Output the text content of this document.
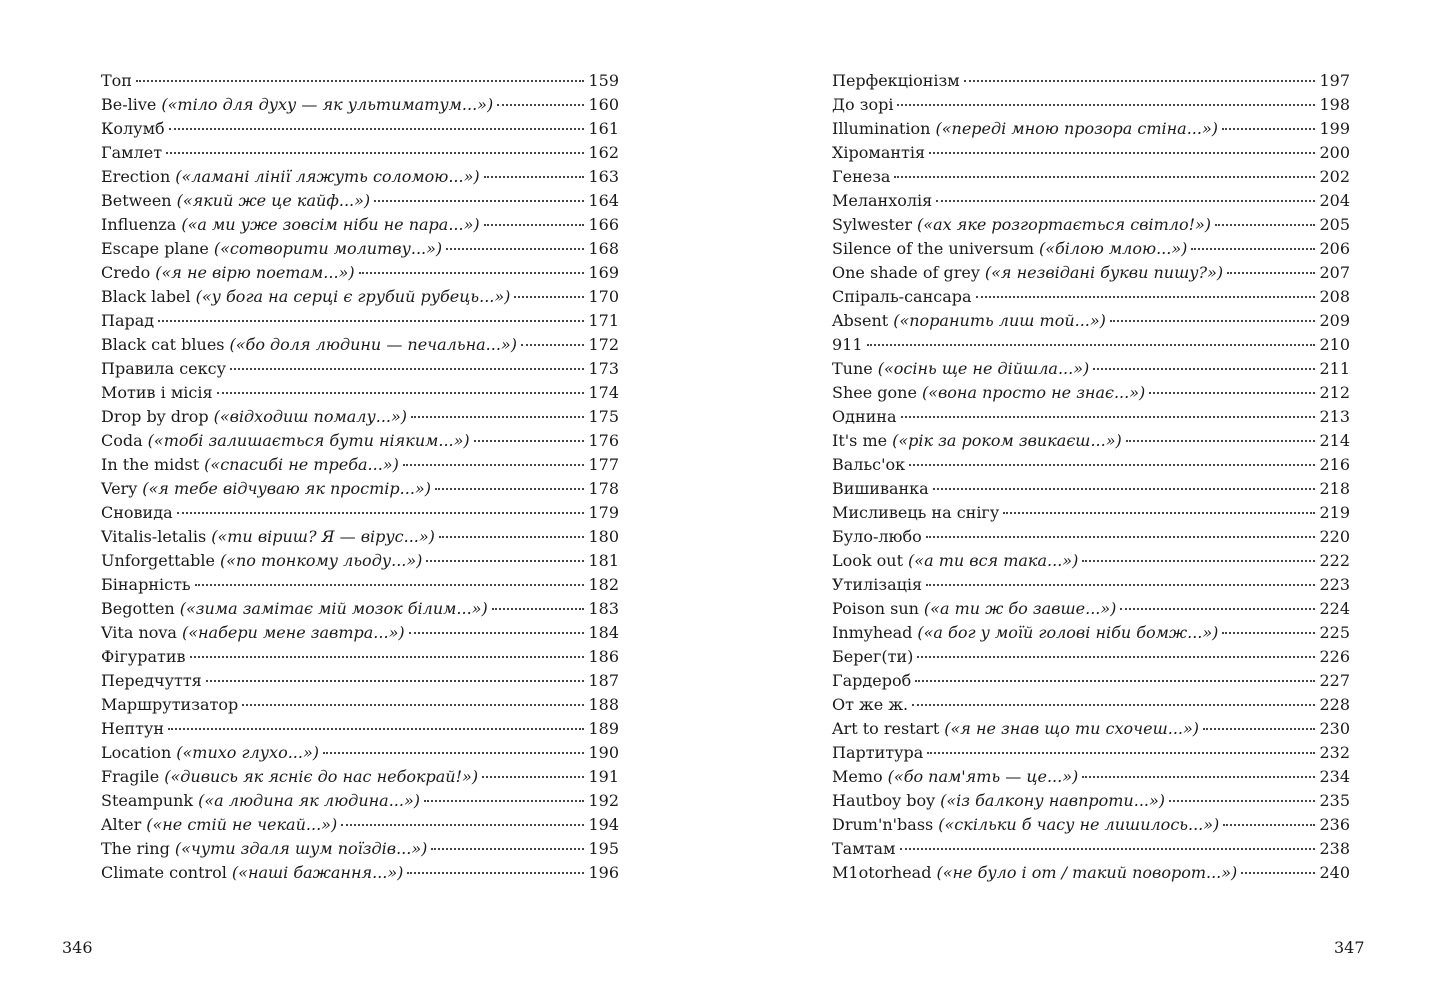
Топ	159
Be-live («тіло для духу — як ультиматум...»)	160
Колумб	161
Гамлет	162
Erection («ламані лінії ляжуть соломою...»)	163
Between («який же це кайф...»)	164
Influenza («а ми уже зовсім ніби не пара...»)	166
Escape plane («сотворити молитву...»)	168
Credo («я не вірю поетам...»)	169
Black label («у бога на серці є грубий рубець...»)	170
Парад	171
Black cat blues («бо доля людини — печальна...»)	172
Правила сексу	173
Мотив і місія	174
Drop by drop («відходиш помалу...»)	175
Coda («тобі залишається бути ніяким...»)	176
In the midst («спасибі не треба...»)	177
Very («я тебе відчуваю як простір...»)	178
Сновида	179
Vitalis-letalis («ти віриш? Я — вірус...»)	180
Unforgettable («по тонкому льоду...»)	181
Бінарність	182
Begotten («зима замітає мій мозок білим...»)	183
Vita nova («набери мене завтра...»)	184
Фігуратив	186
Передчуття	187
Маршрутизатор	188
Нептун	189
Location («тихо глухо...»)	190
Fragile («дивись як ясніє до нас небокрай!»)	191
Steampunk («а людина як людина...»)	192
Alter («не стій не чекай...»)	194
The ring («чути здаля шум поїздів...»)	195
Climate control («наші бажання...»)	196
346
Перфекціонізм	197
До зорі	198
Illumination («переді мною прозора стіна...»)	199
Хіромантія	200
Генеза	202
Меланхолія	204
Sylwester («ах яке розгортається світло!»)	205
Silence of the universum («білою млою...»)	206
One shade of grey («я незвідані букви пишу?»)	207
Спіраль-сансара	208
Absent («поранить лиш той...»)	209
911	210
Tune («осінь ще не дійшла...»)	211
Shee gone («вона просто не знає...»)	212
Однина	213
It's me («рік за роком звикаєш...»)	214
Вальс'ок	216
Вишиванка	218
Мисливець на снігу	219
Було-любо	220
Look out («а ти вся така...»)	222
Утилізація	223
Poison sun («а ти ж бо завше...»)	224
Inmyhead («а бог у моїй голові ніби бомж...»)	225
Берег(ти)	226
Гардероб	227
От же ж.	228
Art to restart («я не знав що ти схочеш...»)	230
Партитура	232
Memo («бо пам'ять — це...»)	234
Hautboy boy («із балкону навпроти...»)	235
Drum'n'bass («скільки б часу не лишилось...»)	236
Тамтам	238
M1otorhead («не було і от / такий поворот...»)	240
347
